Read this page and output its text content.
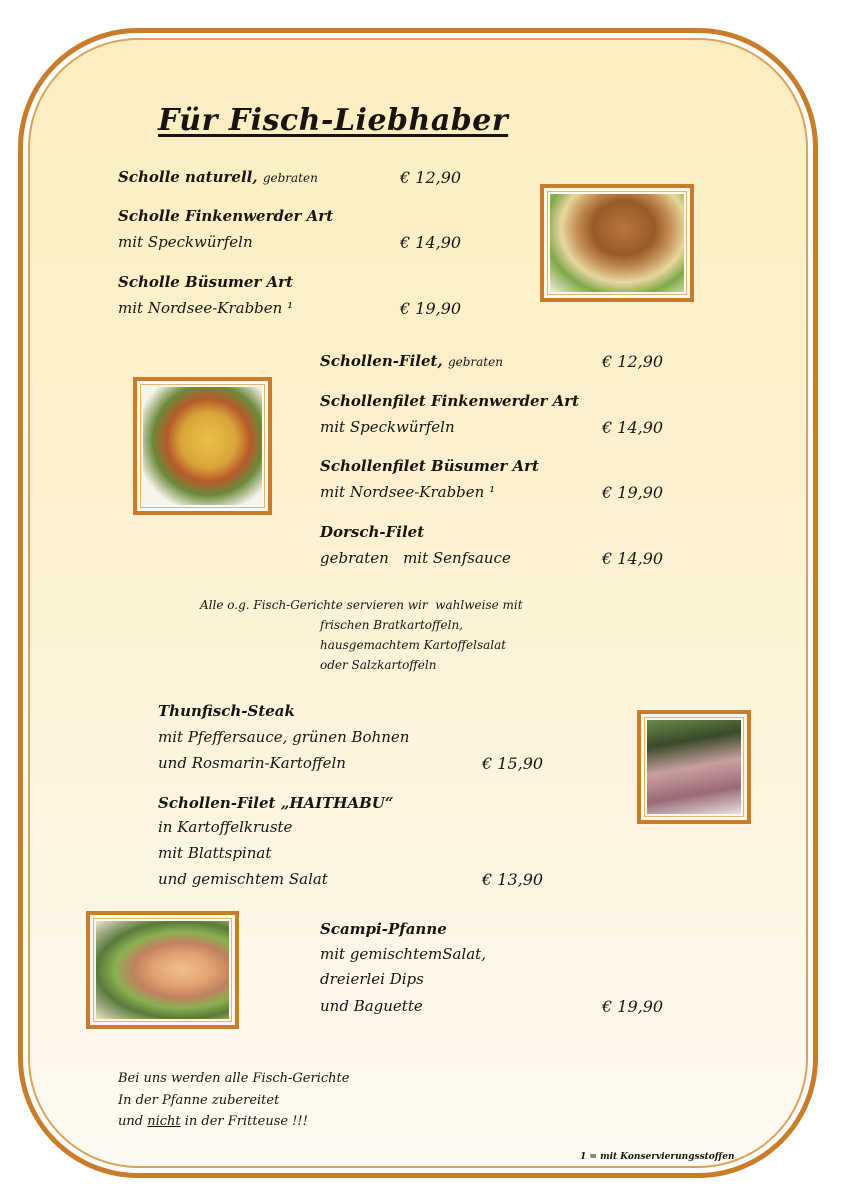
Für Fisch-Liebhaber
Scholle naturell, gebraten	€ 12,90
Scholle Finkenwerder Art
mit Speckwürfeln	€ 14,90
Scholle Büsumer Art
mit Nordsee-Krabben ¹	€ 19,90
Schollen-Filet, gebraten	€ 12,90
Schollenfilet Finkenwerder Art
mit Speckwürfeln	€ 14,90
Schollenfilet Büsumer Art
mit Nordsee-Krabben ¹	€ 19,90
Dorsch-Filet
gebraten   mit Senfsauce	€ 14,90
Alle o.g. Fisch-Gerichte servieren wir  wahlweise mit
frischen Bratkartoffeln,
hausgemachtem Kartoffelsalat
oder Salzkartoffeln
Thunfisch-Steak
mit Pfeffersauce, grünen Bohnen
und Rosmarin-Kartoffeln	€ 15,90
Schollen-Filet „HAITHABU“
in Kartoffelkruste
mit Blattspinat
und gemischtem Salat	€ 13,90
Scampi-Pfanne
mit gemischtemSalat,
dreierlei Dips
und Baguette	€ 19,90
Bei uns werden alle Fisch-Gerichte
In der Pfanne zubereitet
und nicht in der Fritteuse !!!
1 = mit Konservierungsstoffen
